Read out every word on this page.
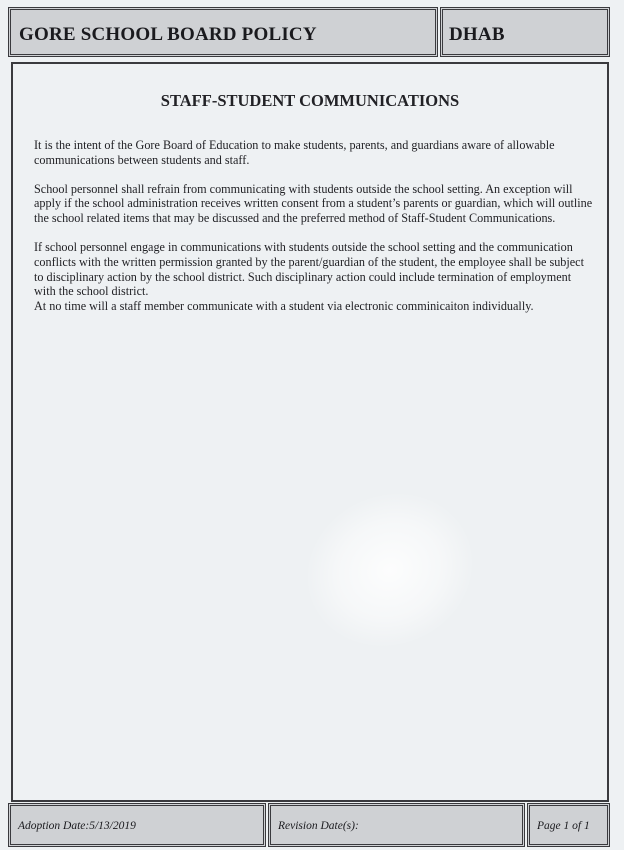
GORE SCHOOL BOARD POLICY	DHAB
STAFF-STUDENT COMMUNICATIONS

It is the intent of the Gore Board of Education to make students, parents, and guardians aware of allowable communications between students and staff.

School personnel shall refrain from communicating with students outside the school setting. An exception will apply if the school administration receives written consent from a student’s parents or guardian, which will outline the school related items that may be discussed and the preferred method of Staff-Student Communications.

If school personnel engage in communications with students outside the school setting and the communication conflicts with the written permission granted by the parent/guardian of the student, the employee shall be subject to disciplinary action by the school district. Such disciplinary action could include termination of employment with the school district.

At no time will a staff member communicate with a student via electronic comminicaiton individually.

Adoption Date:5/13/2019	Revision Date(s):	Page 1 of 1
